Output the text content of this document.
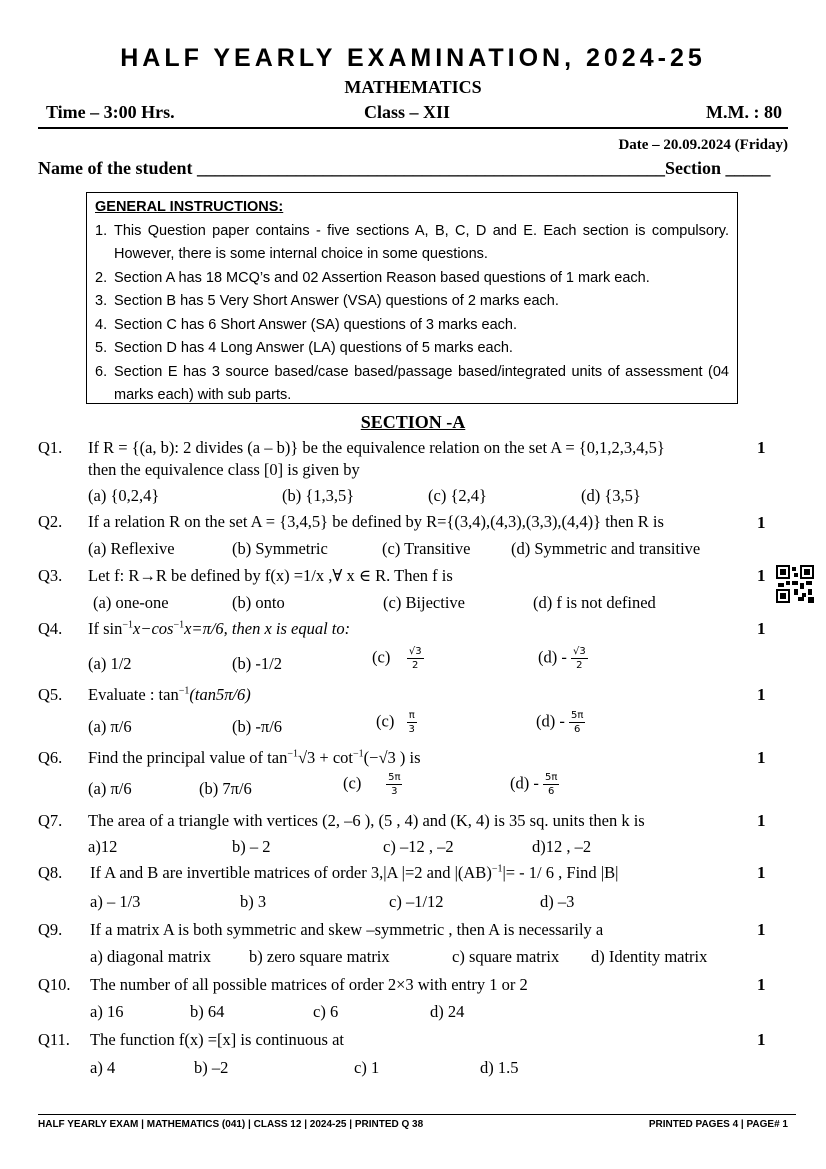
HALF YEARLY EXAMINATION, 2024-25
MATHEMATICS
Time – 3:00 Hrs.	Class – XII	M.M. : 80
Date – 20.09.2024 (Friday)
Name of the student ____________________________________________________Section _____
GENERAL INSTRUCTIONS:
1. This Question paper contains - five sections A, B, C, D and E. Each section is compulsory. However, there is some internal choice in some questions.
2. Section A has 18 MCQ’s and 02 Assertion Reason based questions of 1 mark each.
3. Section B has 5 Very Short Answer (VSA) questions of 2 marks each.
4. Section C has 6 Short Answer (SA) questions of 3 marks each.
5. Section D has 4 Long Answer (LA) questions of 5 marks each.
6. Section E has 3 source based/case based/passage based/integrated units of assessment (04 marks each) with sub parts.
SECTION -A
Q1. If R = {(a, b): 2 divides (a – b)} be the equivalence relation on the set A = {0,1,2,3,4,5}
then the equivalence class [0] is given by
1
(a) {0,2,4}	(b) {1,3,5}	(c) {2,4}	(d) {3,5}
Q2. If a relation R on the set A = {3,4,5} be defined by R={(3,4),(4,3),(3,3),(4,4)} then R is	1
(a) Reflexive	(b) Symmetric	(c) Transitive (d) Symmetric and transitive
Q3. Let f: R→R be defined by f(x) =1/x ,∀ x ∈ R. Then f is	1
(a) one-one	(b) onto	(c) Bijective	(d) f is not defined
Q4. If $\sin^{-1}x-\cos^{-1}x=\pi/6$, then x is equal to:	1
(a) 1/2	(b) -1/2	$(c) \frac{√3}{2}$	$(d) - \frac{√3}{2}$
Q5. Evaluate : $\tan^{-1}(\tan 5\pi/6)$	1
(a) π/6	(b) -π/6	$(c) \frac{\pi}{3}$	$(d) - \frac{5\pi}{6}$
Q6. Find the principal value of $\tan^{-1}√3 + \cot^{-1}(-√3$ ) is	1
(a) π/6	(b) 7π/6	$(c) \frac{5\pi}{3}$	$(d) - \frac{5\pi}{6}$
Q7. The area of a triangle with vertices (2, –6 ), (5 , 4) and (K, 4) is 35 sq. units then k is	1
a)12	b) – 2	c) –12 , –2	d)12 , –2
Q8. If A and B are invertible matrices of order 3,|A |=2 and |(AB)$^{-1}$|= - 1/ 6 , Find |B|	1
a) – 1/3	b) 3	c) –1/12	d) –3
Q9. If a matrix A is both symmetric and skew –symmetric , then A is necessarily a	1
a) diagonal matrix b) zero square matrix	c) square matrix d) Identity matrix
Q10. The number of all possible matrices of order 2×3 with entry 1 or 2	1
a) 16	b) 64	c) 6	d) 24
Q11. The function f(x) =[x] is continuous at	1
a) 4	b) –2	c) 1	d) 1.5
HALF YEARLY EXAM | MATHEMATICS (041) | CLASS 12 | 2024-25 | PRINTED Q 38	PRINTED PAGES 4 | PAGE# 1
